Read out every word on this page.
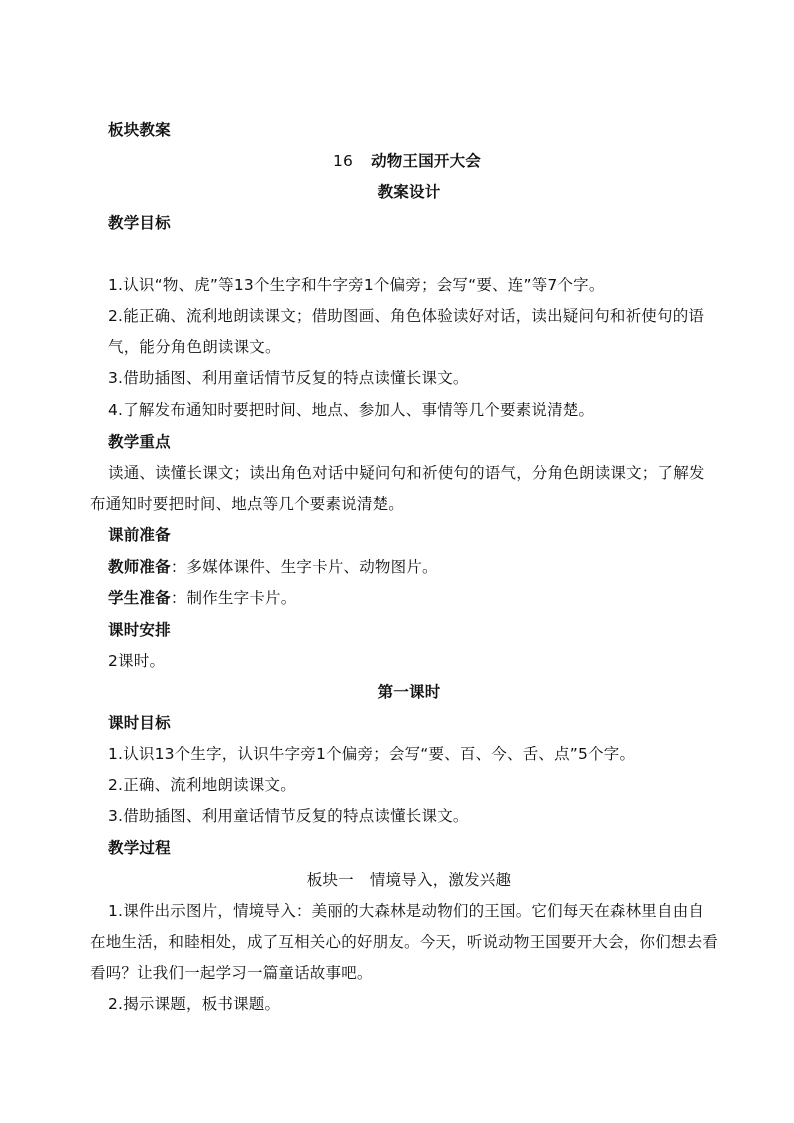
板块教案
16 动物王国开大会
教案设计
教学目标
1.认识“物、虎”等13个生字和牛字旁1个偏旁；会写“要、连”等7个字。
2.能正确、流利地朗读课文；借助图画、角色体验读好对话，读出疑问句和祈使句的语
气，能分角色朗读课文。
3.借助插图、利用童话情节反复的特点读懂长课文。
4.了解发布通知时要把时间、地点、参加人、事情等几个要素说清楚。
教学重点
读通、读懂长课文；读出角色对话中疑问句和祈使句的语气，分角色朗读课文；了解发
布通知时要把时间、地点等几个要素说清楚。
课前准备
教师准备：多媒体课件、生字卡片、动物图片。
学生准备：制作生字卡片。
课时安排
2课时。
第一课时
课时目标
1.认识13个生字，认识牛字旁1个偏旁；会写“要、百、今、舌、点”5个字。
2.正确、流利地朗读课文。
3.借助插图、利用童话情节反复的特点读懂长课文。
教学过程
板块一 情境导入，激发兴趣
1.课件出示图片，情境导入：美丽的大森林是动物们的王国。它们每天在森林里自由自
在地生活，和睦相处，成了互相关心的好朋友。今天，听说动物王国要开大会，你们想去看
看吗？让我们一起学习一篇童话故事吧。
2.揭示课题，板书课题。
